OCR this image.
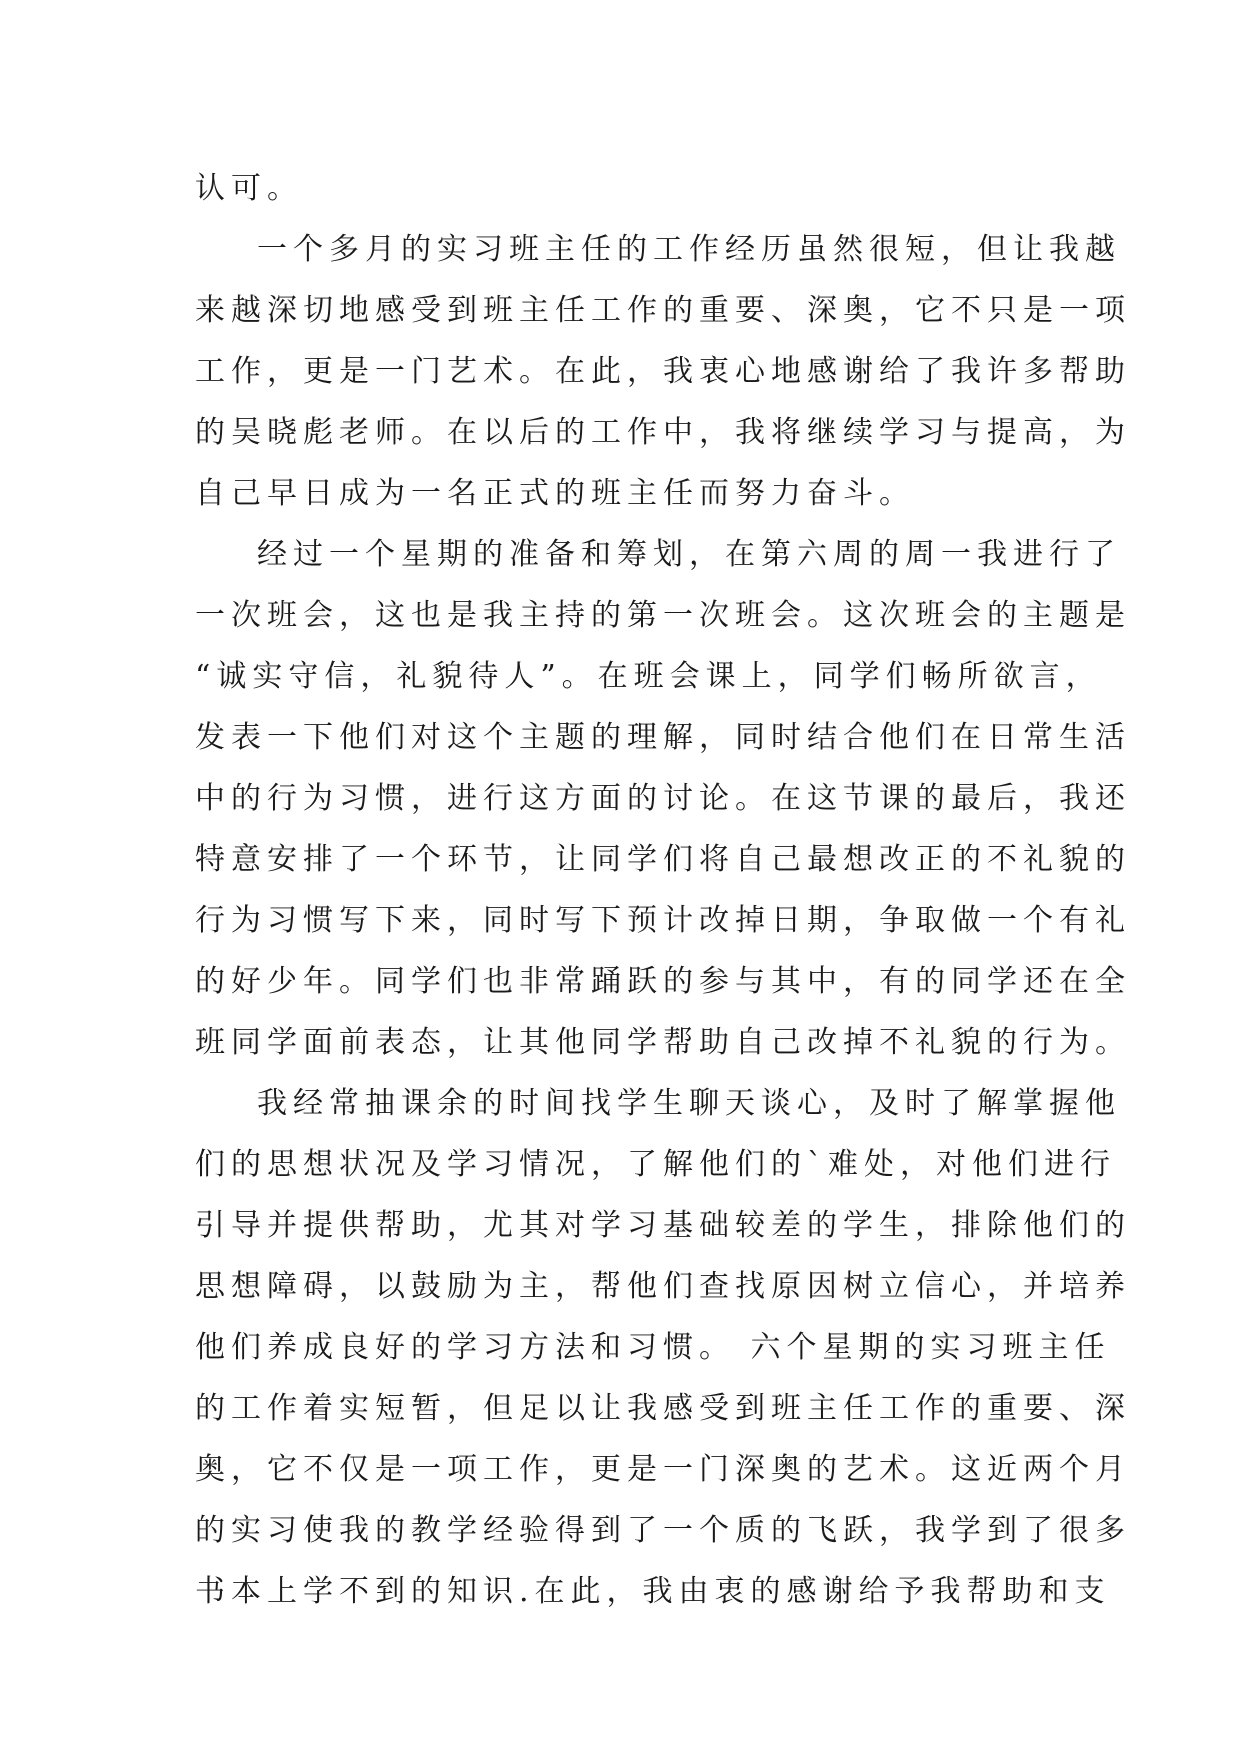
认可。
一个多月的实习班主任的工作经历虽然很短，但让我越
来越深切地感受到班主任工作的重要、深奥，它不只是一项
工作，更是一门艺术。在此，我衷心地感谢给了我许多帮助
的吴晓彪老师。在以后的工作中，我将继续学习与提高，为
自己早日成为一名正式的班主任而努力奋斗。
经过一个星期的准备和筹划，在第六周的周一我进行了
一次班会，这也是我主持的第一次班会。这次班会的主题是
“诚实守信，礼貌待人”。在班会课上，同学们畅所欲言，
发表一下他们对这个主题的理解，同时结合他们在日常生活
中的行为习惯，进行这方面的讨论。在这节课的最后，我还
特意安排了一个环节，让同学们将自己最想改正的不礼貌的
行为习惯写下来，同时写下预计改掉日期，争取做一个有礼
的好少年。同学们也非常踊跃的参与其中，有的同学还在全
班同学面前表态，让其他同学帮助自己改掉不礼貌的行为。
我经常抽课余的时间找学生聊天谈心，及时了解掌握他
们的思想状况及学习情况，了解他们的`难处，对他们进行
引导并提供帮助，尤其对学习基础较差的学生，排除他们的
思想障碍，以鼓励为主，帮他们查找原因树立信心，并培养
他们养成良好的学习方法和习惯。 六个星期的实习班主任
的工作着实短暂，但足以让我感受到班主任工作的重要、深
奥，它不仅是一项工作，更是一门深奥的艺术。这近两个月
的实习使我的教学经验得到了一个质的飞跃，我学到了很多
书本上学不到的知识.在此，我由衷的感谢给予我帮助和支
